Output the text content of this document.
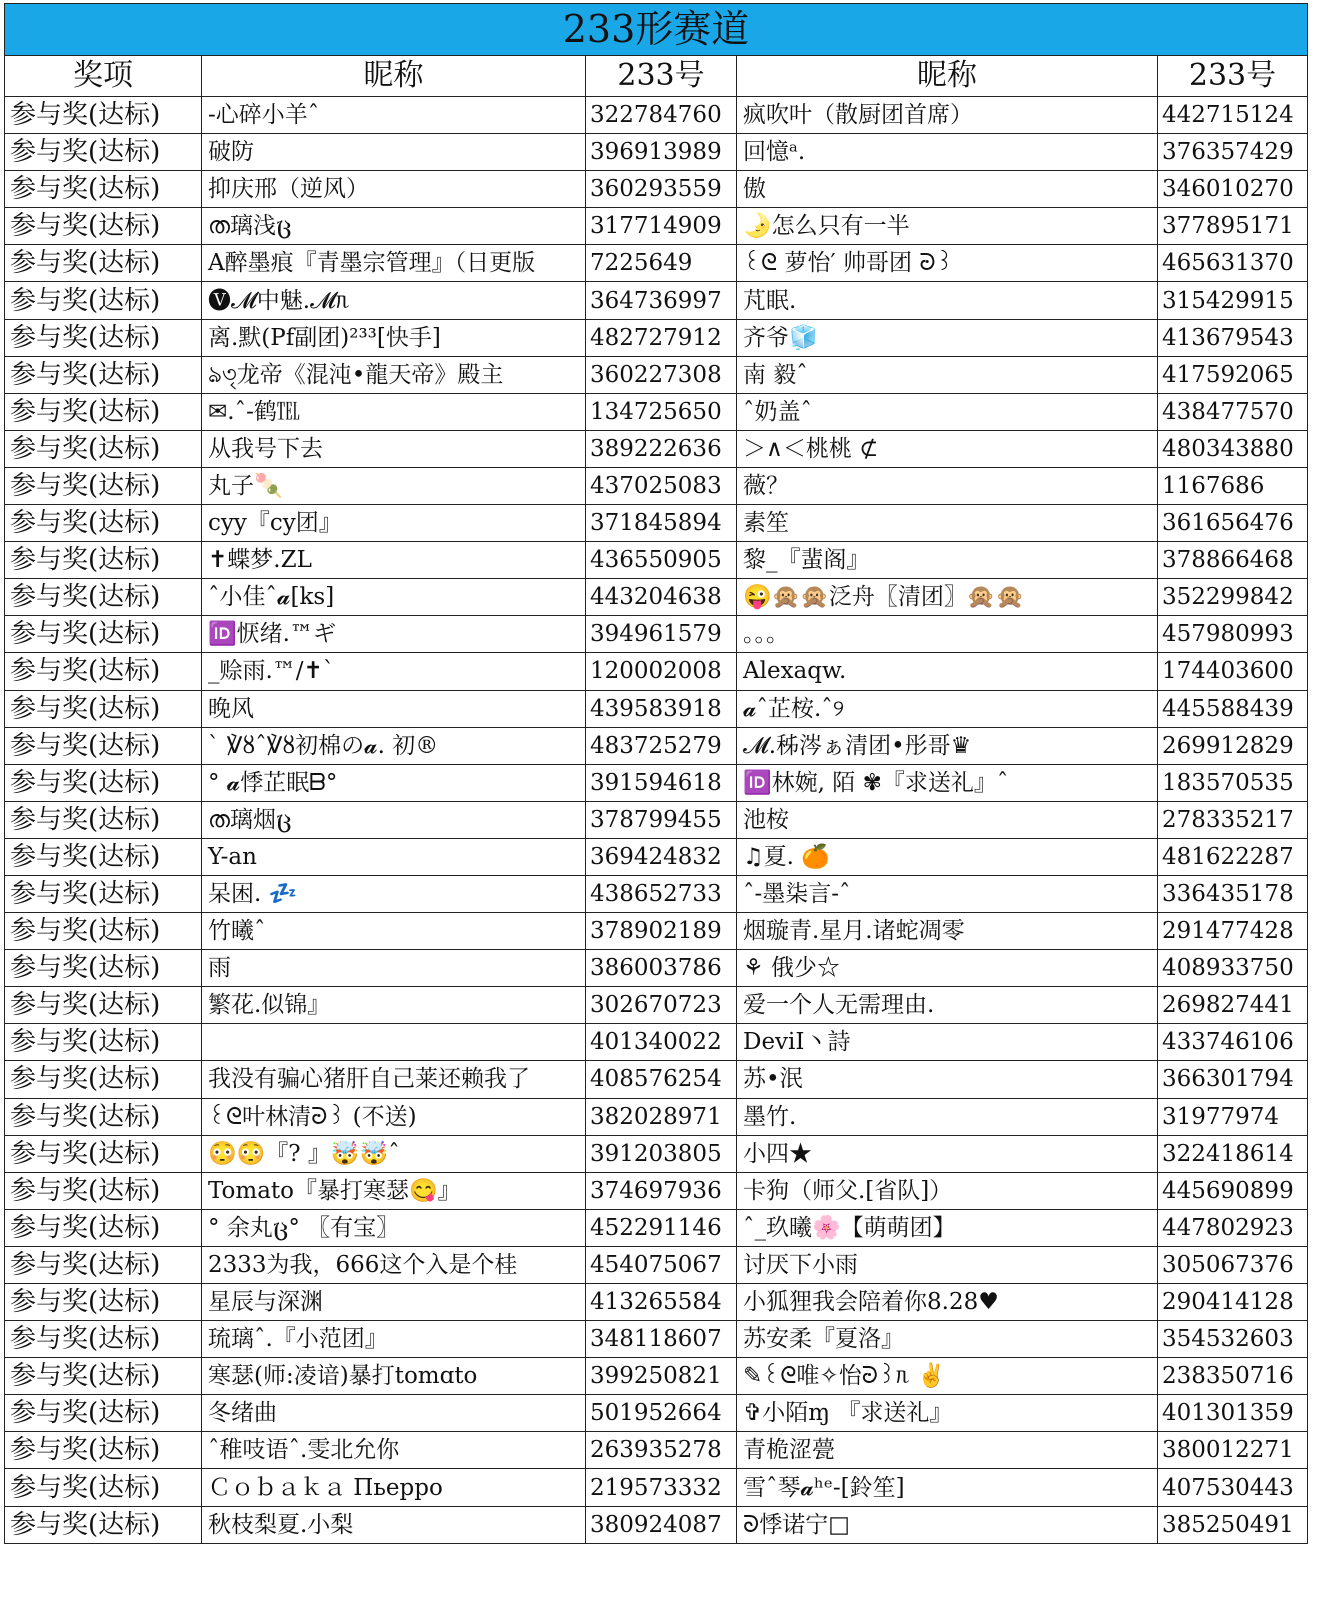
233形赛道				
奖项	昵称	233号	昵称	233号
参与奖(达标)	-心碎小羊ˆ	322784760	疯吹叶（散厨团首席）	442715124
参与奖(达标)	破防	396913989	回憶ᵃ.	376357429
参与奖(达标)	抑庆邢（逆风）	360293559	傲	346010270
参与奖(达标)	ത璃浅ც	317714909	🌛怎么只有一半	377895171
参与奖(达标)	A醉墨痕『青墨宗管理』（日更版	7225649	꒰ᘓ 萝怡′ 帅哥团 ᘒ꒱	465631370
参与奖(达标)	🅥𝓜中魅.𝓜ᥰ	364736997	芃眠.	315429915
参与奖(达标)	离.默(Pf副团)²³³[快手]	482727912	齐爷🧊	413679543
参与奖(达标)	ঌ৩ৃ龙帝《混沌•龍天帝》殿主	360227308	南 毅ˆ	417592065
参与奖(达标)	✉.ˆ-鹤℡	134725650	ˆ奶盖ˆ	438477570
参与奖(达标)	从我号下去	389222636	＞∧＜桃桃 ⊄	480343880
参与奖(达标)	丸子🍡	437025083	薇？	1167686
参与奖(达标)	cyy『cy团』	371845894	素笙	361656476
参与奖(达标)	✝蝶梦.ZL	436550905	黎_『蜚阁』	378866468
参与奖(达标)	ˆ小佳ˆ𝓪[ks]	443204638	😜🙊🙊泛舟〖清团〗🙊🙊	352299842
参与奖(达标)	🆔恹绪.™ギ	394961579	。。。	457980993
参与奖(达标)	_赊雨.™/✝ˋ	120002008	Alexaqw.	174403600
参与奖(达标)	晚风	439583918	𝓪ˆ芷桉.ˆ୨	445588439
参与奖(达标)	ˋ ℣ȣˆ℣ȣ初棉の𝓪. 初®	483725279	𝓜.秭涔ぁ清团•彤哥♛	269912829
参与奖(达标)	° 𝓪悸芷眠ᗷ°	391594618	🆔林婉, 陌 ✾『求送礼』ˆ	183570535
参与奖(达标)	ത璃烟ც	378799455	池桉	278335217
参与奖(达标)	Y-an	369424832	♫夏. 🍊	481622287
参与奖(达标)	呆困. 💤	438652733	ˆ-墨柒言-ˆ	336435178
参与奖(达标)	竹曦ˆ	378902189	烟璇青.星月.诸蛇凋零	291477428
参与奖(达标)	雨	386003786	⚘ 俄少☆	408933750
参与奖(达标)	繁花.似锦』	302670723	爱一个人无需理由.	269827441
参与奖(达标)		401340022	DeviI丶詩	433746106
参与奖(达标)	我没有骗心猪肝自己莱还赖我了	408576254	苏•泯	366301794
参与奖(达标)	꒰ᘓ叶林清ᘒ꒱ (不送)	382028971	墨竹.	31977974
参与奖(达标)	😳😳『? 』🤯🤯ˆ	391203805	小四★	322418614
参与奖(达标)	Tomato『暴打寒瑟😋』	374697936	卡狗（师父.[省队]）	445690899
参与奖(达标)	° 余丸ც° 〖有宝〗	452291146	ˆ_玖曦🌸【萌萌团】	447802923
参与奖(达标)	2333为我，666这个入是个桂	454075067	讨厌下小雨	305067376
参与奖(达标)	星辰与深渊	413265584	小狐狸我会陪着你8.28♥	290414128
参与奖(达标)	琉璃ˆ.『小范团』	348118607	苏安柔『夏洛』	354532603
参与奖(达标)	寒瑟(师:凌谙)暴打tomɑto	399250821	✎꒰ᘓ唯✧怡ᘒ꒱ᥰ ✌	238350716
参与奖(达标)	冬绪曲	501952664	✞小陌ɱ 『求送礼』	401301359
参与奖(达标)	ˆ稚吱语ˆ.雯北允你	263935278	青桅涩甍	380012271
参与奖(达标)	Ｃｏｂａｋａ Пьерро	219573332	雪ˆ琴𝓪ʰᵉ-[鈴笙]	407530443
参与奖(达标)	秋枝梨夏.小梨	380924087	ᘐ悸诺宁□	385250491
